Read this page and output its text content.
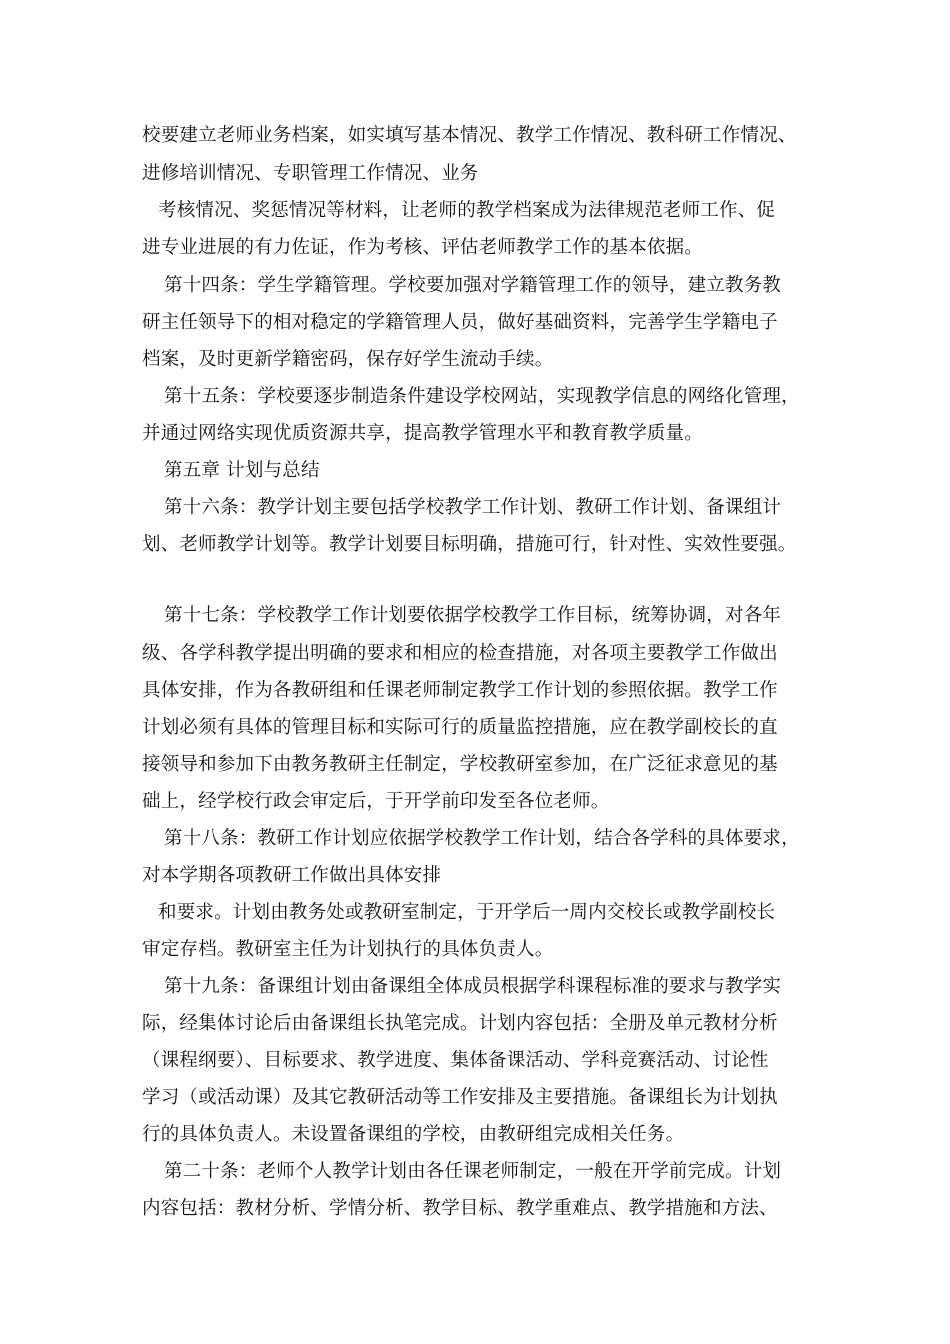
校要建立老师业务档案，如实填写基本情况、教学工作情况、教科研工作情况、
进修培训情况、专职管理工作情况、业务
考核情况、奖惩情况等材料，让老师的教学档案成为法律规范老师工作、促
进专业进展的有力佐证，作为考核、评估老师教学工作的基本依据。
第十四条：学生学籍管理。学校要加强对学籍管理工作的领导，建立教务教
研主任领导下的相对稳定的学籍管理人员，做好基础资料，完善学生学籍电子
档案，及时更新学籍密码，保存好学生流动手续。
第十五条：学校要逐步制造条件建设学校网站，实现教学信息的网络化管理，
并通过网络实现优质资源共享，提高教学管理水平和教育教学质量。
第五章 计划与总结
第十六条：教学计划主要包括学校教学工作计划、教研工作计划、备课组计
划、老师教学计划等。教学计划要目标明确，措施可行，针对性、实效性要强。
第十七条：学校教学工作计划要依据学校教学工作目标，统筹协调，对各年
级、各学科教学提出明确的要求和相应的检查措施，对各项主要教学工作做出
具体安排，作为各教研组和任课老师制定教学工作计划的参照依据。教学工作
计划必须有具体的管理目标和实际可行的质量监控措施，应在教学副校长的直
接领导和参加下由教务教研主任制定，学校教研室参加，在广泛征求意见的基
础上，经学校行政会审定后，于开学前印发至各位老师。
第十八条：教研工作计划应依据学校教学工作计划，结合各学科的具体要求，
对本学期各项教研工作做出具体安排
和要求。计划由教务处或教研室制定，于开学后一周内交校长或教学副校长
审定存档。教研室主任为计划执行的具体负责人。
第十九条：备课组计划由备课组全体成员根据学科课程标准的要求与教学实
际，经集体讨论后由备课组长执笔完成。计划内容包括：全册及单元教材分析
（课程纲要）、目标要求、教学进度、集体备课活动、学科竞赛活动、讨论性
学习（或活动课）及其它教研活动等工作安排及主要措施。备课组长为计划执
行的具体负责人。未设置备课组的学校，由教研组完成相关任务。
第二十条：老师个人教学计划由各任课老师制定，一般在开学前完成。计划
内容包括：教材分析、学情分析、教学目标、教学重难点、教学措施和方法、
